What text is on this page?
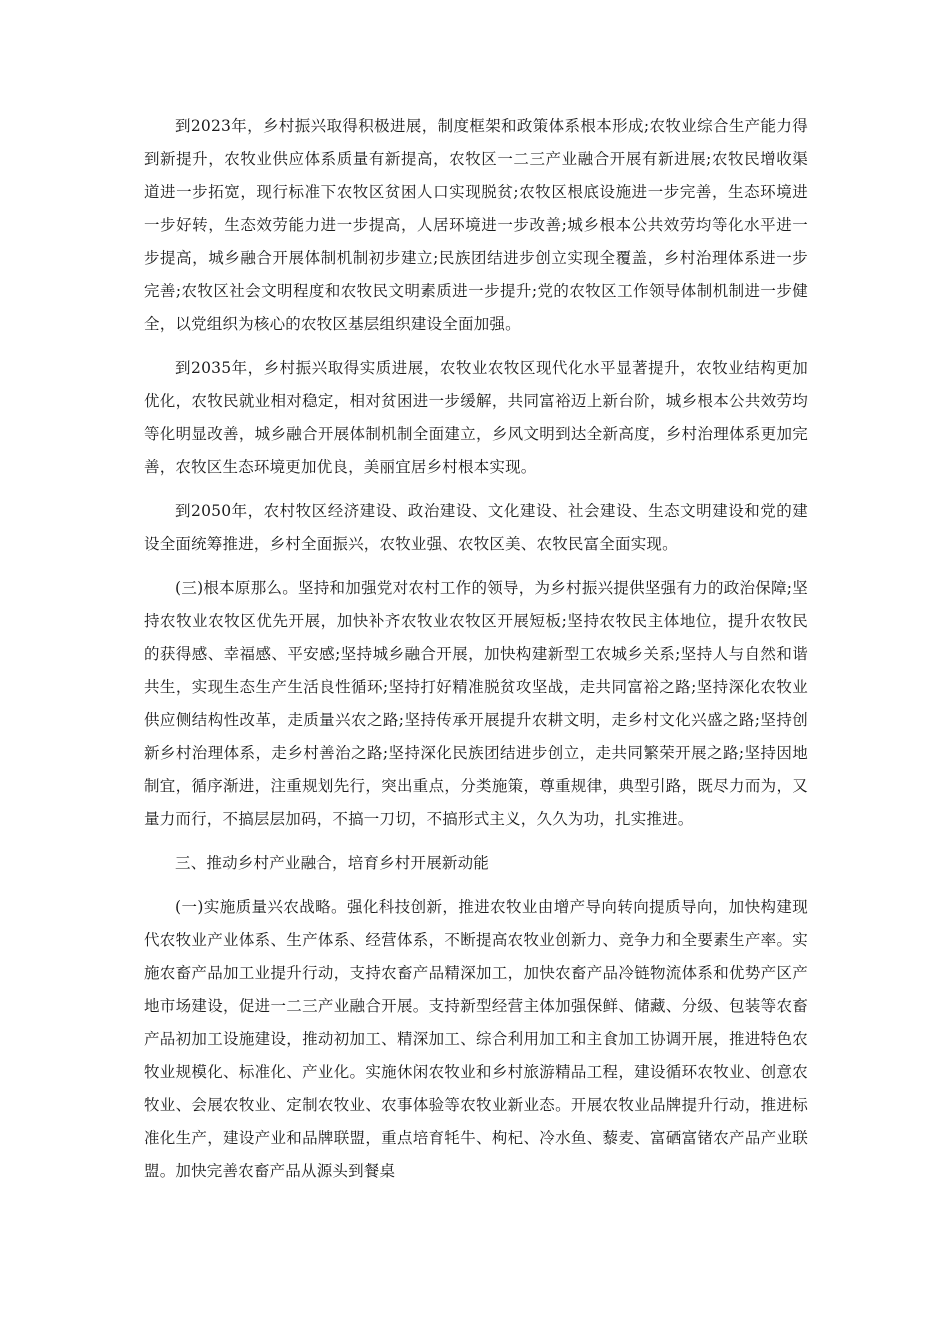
到2023年，乡村振兴取得积极进展，制度框架和政策体系根本形成;农牧业综合生产能力得到新提升，农牧业供应体系质量有新提高，农牧区一二三产业融合开展有新进展;农牧民增收渠道进一步拓宽，现行标准下农牧区贫困人口实现脱贫;农牧区根底设施进一步完善，生态环境进一步好转，生态效劳能力进一步提高，人居环境进一步改善;城乡根本公共效劳均等化水平进一步提高，城乡融合开展体制机制初步建立;民族团结进步创立实现全覆盖，乡村治理体系进一步完善;农牧区社会文明程度和农牧民文明素质进一步提升;党的农牧区工作领导体制机制进一步健全，以党组织为核心的农牧区基层组织建设全面加强。

到2035年，乡村振兴取得实质进展，农牧业农牧区现代化水平显著提升，农牧业结构更加优化，农牧民就业相对稳定，相对贫困进一步缓解，共同富裕迈上新台阶，城乡根本公共效劳均等化明显改善，城乡融合开展体制机制全面建立，乡风文明到达全新高度，乡村治理体系更加完善，农牧区生态环境更加优良，美丽宜居乡村根本实现。

到2050年，农村牧区经济建设、政治建设、文化建设、社会建设、生态文明建设和党的建设全面统筹推进，乡村全面振兴，农牧业强、农牧区美、农牧民富全面实现。

(三)根本原那么。坚持和加强党对农村工作的领导，为乡村振兴提供坚强有力的政治保障;坚持农牧业农牧区优先开展，加快补齐农牧业农牧区开展短板;坚持农牧民主体地位，提升农牧民的获得感、幸福感、平安感;坚持城乡融合开展，加快构建新型工农城乡关系;坚持人与自然和谐共生，实现生态生产生活良性循环;坚持打好精准脱贫攻坚战，走共同富裕之路;坚持深化农牧业供应侧结构性改革，走质量兴农之路;坚持传承开展提升农耕文明，走乡村文化兴盛之路;坚持创新乡村治理体系，走乡村善治之路;坚持深化民族团结进步创立，走共同繁荣开展之路;坚持因地制宜，循序渐进，注重规划先行，突出重点，分类施策，尊重规律，典型引路，既尽力而为，又量力而行，不搞层层加码，不搞一刀切，不搞形式主义，久久为功，扎实推进。

三、推动乡村产业融合，培育乡村开展新动能

(一)实施质量兴农战略。强化科技创新，推进农牧业由增产导向转向提质导向，加快构建现代农牧业产业体系、生产体系、经营体系，不断提高农牧业创新力、竞争力和全要素生产率。实施农畜产品加工业提升行动，支持农畜产品精深加工，加快农畜产品冷链物流体系和优势产区产地市场建设，促进一二三产业融合开展。支持新型经营主体加强保鲜、储藏、分级、包装等农畜产品初加工设施建设，推动初加工、精深加工、综合利用加工和主食加工协调开展，推进特色农牧业规模化、标准化、产业化。实施休闲农牧业和乡村旅游精品工程，建设循环农牧业、创意农牧业、会展农牧业、定制农牧业、农事体验等农牧业新业态。开展农牧业品牌提升行动，推进标准化生产，建设产业和品牌联盟，重点培育牦牛、枸杞、冷水鱼、藜麦、富硒富锗农产品产业联盟。加快完善农畜产品从源头到餐桌
